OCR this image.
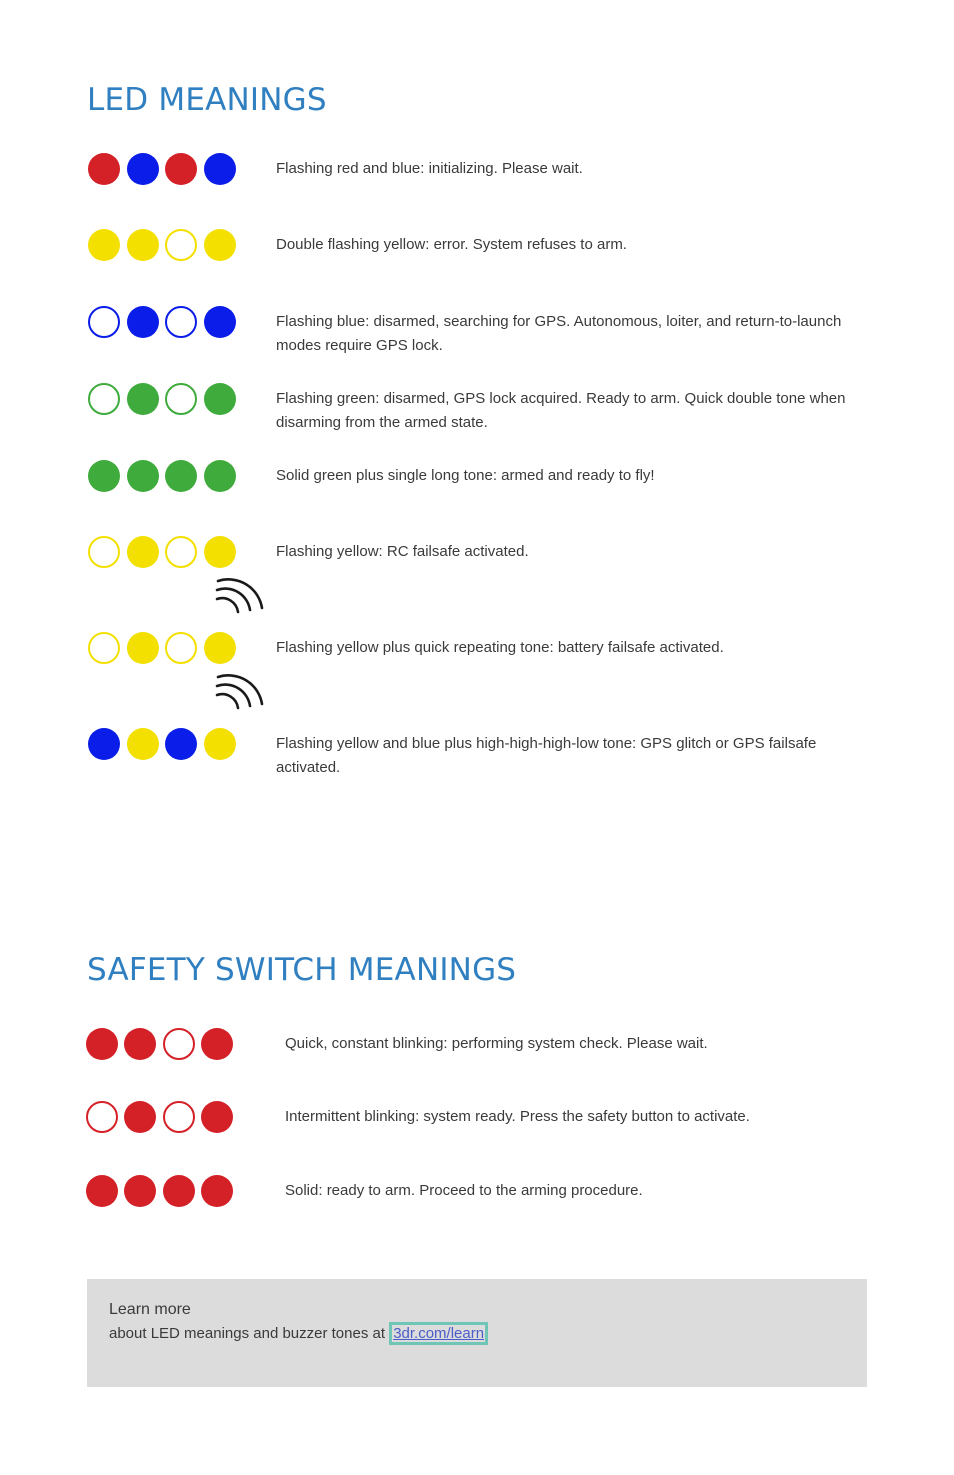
LED MEANINGS

Flashing red and blue: initializing. Please wait.

Double flashing yellow: error. System refuses to arm.

Flashing blue: disarmed, searching for GPS. Autonomous, loiter, and return-to-launch modes require GPS lock.

Flashing green: disarmed, GPS lock acquired. Ready to arm. Quick double tone when disarming from the armed state.

Solid green plus single long tone: armed and ready to fly!

Flashing yellow: RC failsafe activated.

Flashing yellow plus quick repeating tone: battery failsafe activated.

Flashing yellow and blue plus high-high-high-low tone: GPS glitch or GPS failsafe activated.

SAFETY SWITCH MEANINGS

Quick, constant blinking: performing system check. Please wait.

Intermittent blinking: system ready. Press the safety button to activate.

Solid: ready to arm. Proceed to the arming procedure.

Learn more

about LED meanings and buzzer tones at 3dr.com/learn
